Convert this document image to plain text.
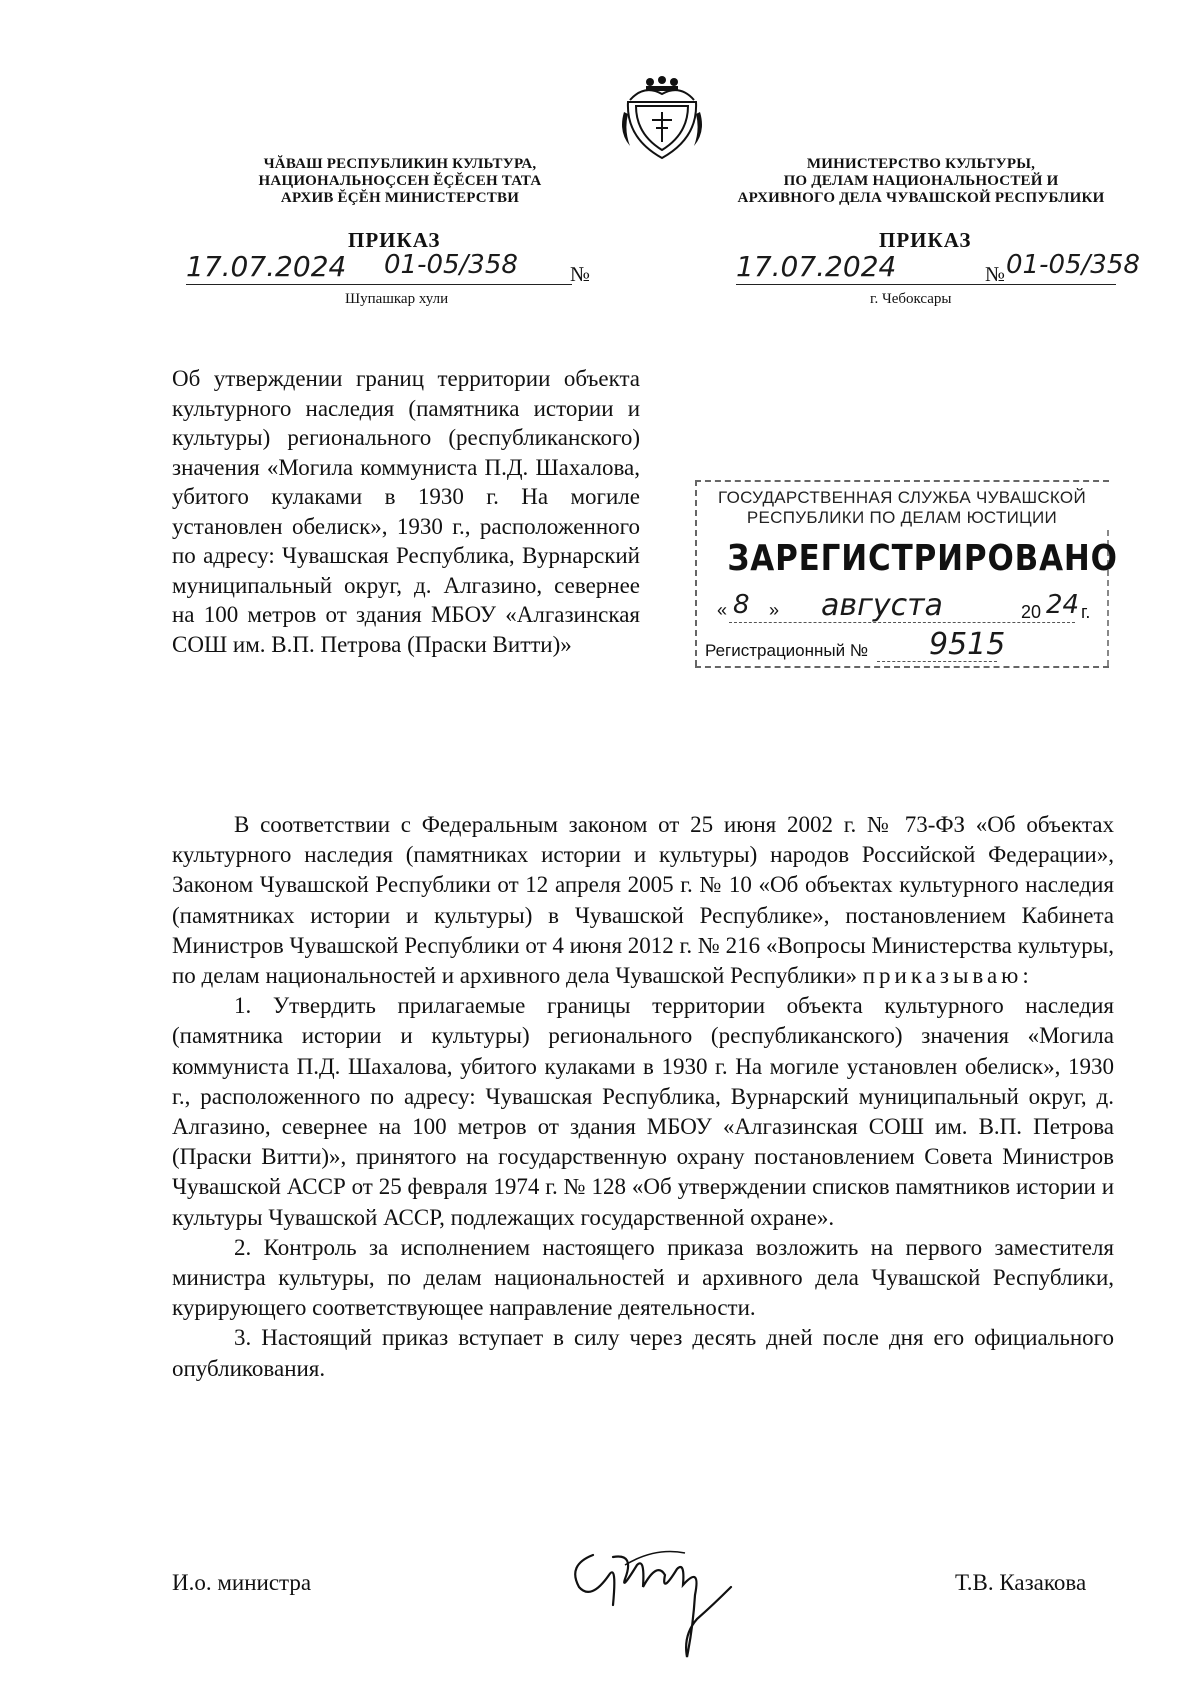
ЧĂВАШ РЕСПУБЛИКИН КУЛЬТУРА,
НАЦИОНАЛЬНОÇСЕН ĔÇĔСЕН ТАТА
АРХИВ ĔÇĔН МИНИСТЕРСТВИ
ПРИКАЗ
17.07.2024 01-05/358 №
Шупашкар хули
МИНИСТЕРСТВО КУЛЬТУРЫ,
ПО ДЕЛАМ НАЦИОНАЛЬНОСТЕЙ И
АРХИВНОГО ДЕЛА ЧУВАШСКОЙ РЕСПУБЛИКИ
ПРИКАЗ
17.07.2024	№ 01-05/358
г. Чебоксары
Об утверждении границ территории объекта культурного наследия (памятника истории и культуры) регионального (республиканского) значения «Могила коммуниста П.Д. Шахалова, убитого кулаками в 1930 г. На могиле установлен обелиск», 1930 г., расположенного по адресу: Чувашская Республика, Вурнарский муниципальный округ, д. Алгазино, севернее на 100 метров от здания МБОУ «Алгазинская СОШ им. В.П. Петрова (Праски Витти)»
ГОСУДАРСТВЕННАЯ СЛУЖБА ЧУВАШСКОЙ
РЕСПУБЛИКИ ПО ДЕЛАМ ЮСТИЦИИ
ЗАРЕГИСТРИРОВАНО
« 8 » августа	20 24 г.
Регистрационный № 9515

В соответствии с Федеральным законом от 25 июня 2002 г. № 73-ФЗ «Об объектах культурного наследия (памятниках истории и культуры) народов Российской Федерации», Законом Чувашской Республики от 12 апреля 2005 г. № 10 «Об объектах культурного наследия (памятниках истории и культуры) в Чувашской Республике», постановлением Кабинета Министров Чувашской Республики от 4 июня 2012 г. № 216 «Вопросы Министерства культуры, по делам национальностей и архивного дела Чувашской Республики» приказываю:

1. Утвердить прилагаемые границы территории объекта культурного наследия (памятника истории и культуры) регионального (республиканского) значения «Могила коммуниста П.Д. Шахалова, убитого кулаками в 1930 г. На могиле установлен обелиск», 1930 г., расположенного по адресу: Чувашская Республика, Вурнарский муниципальный округ, д. Алгазино, севернее на 100 метров от здания МБОУ «Алгазинская СОШ им. В.П. Петрова (Праски Витти)», принятого на государственную охрану постановлением Совета Министров Чувашской АССР от 25 февраля 1974 г. № 128 «Об утверждении списков памятников истории и культуры Чувашской АССР, подлежащих государственной охране».

2. Контроль за исполнением настоящего приказа возложить на первого заместителя министра культуры, по делам национальностей и архивного дела Чувашской Республики, курирующего соответствующее направление деятельности.

3. Настоящий приказ вступает в силу через десять дней после дня его официального опубликования.

И.о. министра	Т.В. Казакова
